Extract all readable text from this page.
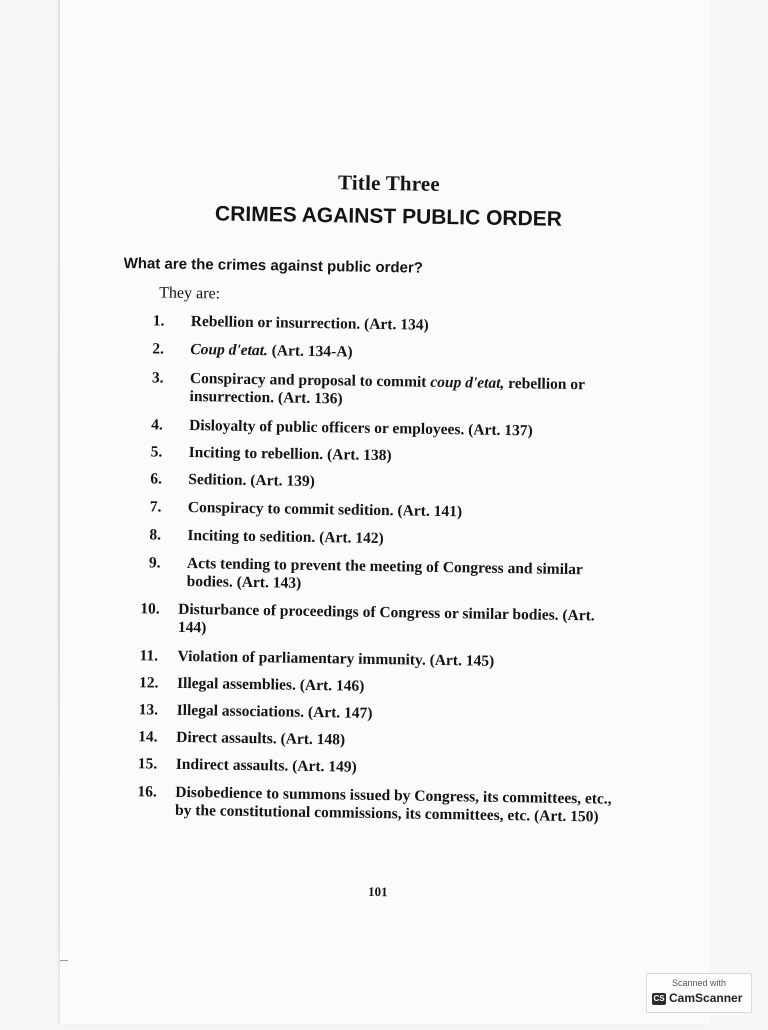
Title Three
CRIMES AGAINST PUBLIC ORDER
What are the crimes against public order?
They are:
1.	Rebellion or insurrection. (Art. 134)
2.	Coup d'etat. (Art. 134-A)
3.	Conspiracy and proposal to commit coup d'etat, rebellion or insurrection. (Art. 136)
4.	Disloyalty of public officers or employees. (Art. 137)
5.	Inciting to rebellion. (Art. 138)
6.	Sedition. (Art. 139)
7.	Conspiracy to commit sedition. (Art. 141)
8.	Inciting to sedition. (Art. 142)
9.	Acts tending to prevent the meeting of Congress and similar bodies. (Art. 143)
10.	Disturbance of proceedings of Congress or similar bodies. (Art. 144)
11.	Violation of parliamentary immunity. (Art. 145)
12.	Illegal assemblies. (Art. 146)
13.	Illegal associations. (Art. 147)
14.	Direct assaults. (Art. 148)
15.	Indirect assaults. (Art. 149)
16.	Disobedience to summons issued by Congress, its committees, etc., by the constitutional commissions, its committees, etc. (Art. 150)
101
Scanned with
CS CamScanner
